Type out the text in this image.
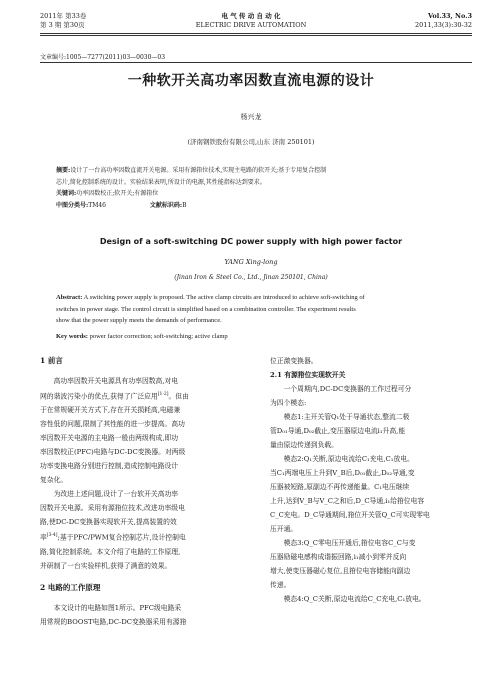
2011年 第33卷
第 3 期 第30页
电 气 传 动 自 动 化
ELECTRIC DRIVE AUTOMATION
Vol.33, No.3
2011,33(3):30-32
文章编号:1005—7277(2011)03—0030—03
一种软开关高功率因数直流电源的设计
杨兴龙
(济南钢铁股份有限公司,山东 济南 250101)

摘要:设计了一台高功率因数直流开关电源。采用有源箝位技术,实现主电路的软开关;基于专用复合控制

芯片,简化控制系统的设计。实验结果表明,所设计的电源,其性能指标达到要求。

关键词:功率因数校正;软开关;有源箝位

中图分类号:TM46	文献标识码:B

Design of a soft-switching DC power supply with high power factor
YANG Xing-long
(Jinan Iron & Steel Co., Ltd., Jinan 250101, China)

Abstract: A switching power supply is proposed. The active clamp circuits are introduced to achieve soft-switching of

switches in power stage. The control circuit is simplified based on a combination controller. The experiment results

show that the power supply meets the demands of performance.

Key words: power factor correction; soft-switching; active clamp

1 前言

高功率因数开关电源具有功率因数高,对电

网的谐波污染小的优点,获得了广泛应用[1-2]。但由

于在常规硬开关方式下,存在开关损耗高,电磁兼

容性低的问题,限制了其性能的进一步提高。高功

率因数开关电源的主电路一般由两级构成,即功

率因数校正(PFC)电路与DC-DC变换器。对两级

功率变换电路分别进行控制,造成控制电路设计

复杂化。

为改进上述问题,设计了一台软开关高功率

因数开关电源。采用有源箝位技术,改进功率级电

路,使DC-DC变换器实现软开关,提高装置的效

率[3-4];基于PFC/PWM复合控制芯片,设计控制电

路,简化控制系统。本文介绍了电路的工作原理,

并研制了一台实验样机,获得了满意的效果。

2 电路的工作原理

本文设计的电路如图1所示。PFC级电路采

用常规的BOOST电路,DC-DC变换器采用有源箝

位正激变换器。

2.1 有源箝位实现软开关

一个周期内,DC-DC变换器的工作过程可分

为四个模态:

模态1:主开关管Q₁处于导通状态,整流二极

管D₀₁导通,D₀₂截止,变压器原边电流i₁升高,能

量由原边传递到负载。

模态2:Q₁关断,原边电流给C₁充电,C₁放电。

当C₁两端电压上升到V_B后,D₀₁截止,D₀₂导通,变

压器被短路,原副边不再传递能量。C₁电压继续

上升,达到V_B与V_C之和后,D_C导通,i₁给箝位电容

C_C充电。D_C导通期间,箝位开关管Q_C可实现零电

压开通。

模态3:Q_C零电压开通后,箝位电容C_C与变

压器励磁电感构成谐振回路,i₁减小到零并反向

增大,使变压器磁心复位,且箝位电容储能向副边

传递。

模态4:Q_C关断,原边电流给C_C充电,C₁放电。
